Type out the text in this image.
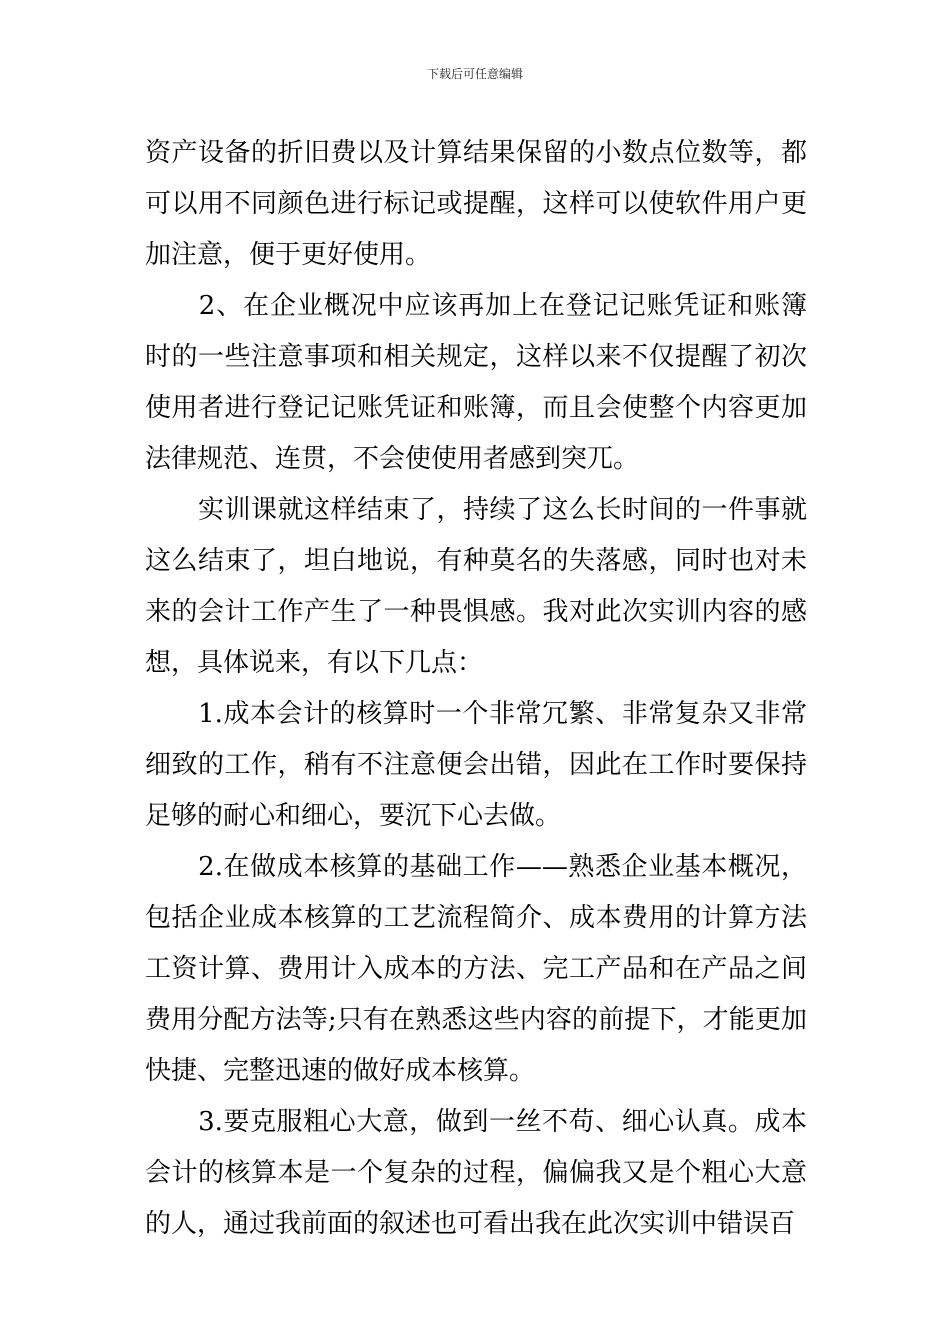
下载后可任意编辑

资产设备的折旧费以及计算结果保留的小数点位数等，都可以用不同颜色进行标记或提醒，这样可以使软件用户更加注意，便于更好使用。

　　2、在企业概况中应该再加上在登记记账凭证和账簿时的一些注意事项和相关规定，这样以来不仅提醒了初次使用者进行登记记账凭证和账簿，而且会使整个内容更加法律规范、连贯，不会使使用者感到突兀。

　　实训课就这样结束了，持续了这么长时间的一件事就这么结束了，坦白地说，有种莫名的失落感，同时也对未来的会计工作产生了一种畏惧感。我对此次实训内容的感想，具体说来，有以下几点：

　　1.成本会计的核算时一个非常冗繁、非常复杂又非常细致的工作，稍有不注意便会出错，因此在工作时要保持足够的耐心和细心，要沉下心去做。

　　2.在做成本核算的基础工作——熟悉企业基本概况，包括企业成本核算的工艺流程简介、成本费用的计算方法工资计算、费用计入成本的方法、完工产品和在产品之间费用分配方法等;只有在熟悉这些内容的前提下，才能更加快捷、完整迅速的做好成本核算。

　　3.要克服粗心大意，做到一丝不苟、细心认真。成本会计的核算本是一个复杂的过程，偏偏我又是个粗心大意的人，通过我前面的叙述也可看出我在此次实训中错误百
